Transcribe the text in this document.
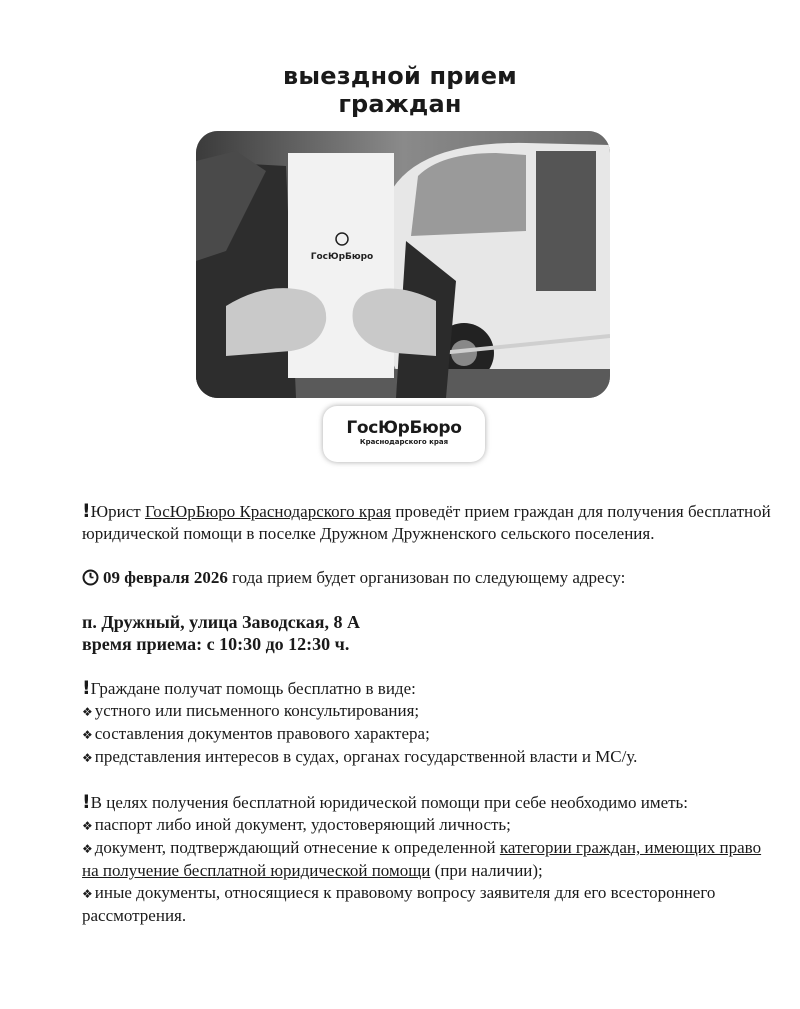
выездной прием
граждан
ГосЮрБюро
ГосЮрБюро
Краснодарского края

!Юрист ГосЮрБюро Краснодарского края проведёт прием граждан для получения бесплатной юридической помощи в поселке Дружном Дружненского сельского поселения.

09 февраля 2026 года прием будет организован по следующему адресу:

п. Дружный, улица Заводская, 8 А

время приема: с 10:30 до 12:30 ч.

!Граждане получат помощь бесплатно в виде:

❖ устного или письменного консультирования;

❖ составления документов правового характера;

❖ представления интересов в судах, органах государственной власти и МС/у.

!В целях получения бесплатной юридической помощи при себе необходимо иметь:

❖ паспорт либо иной документ, удостоверяющий личность;

❖ документ, подтверждающий отнесение к определенной категории граждан, имеющих право на получение бесплатной юридической помощи (при наличии);

❖ иные документы, относящиеся к правовому вопросу заявителя для его всестороннего рассмотрения.
